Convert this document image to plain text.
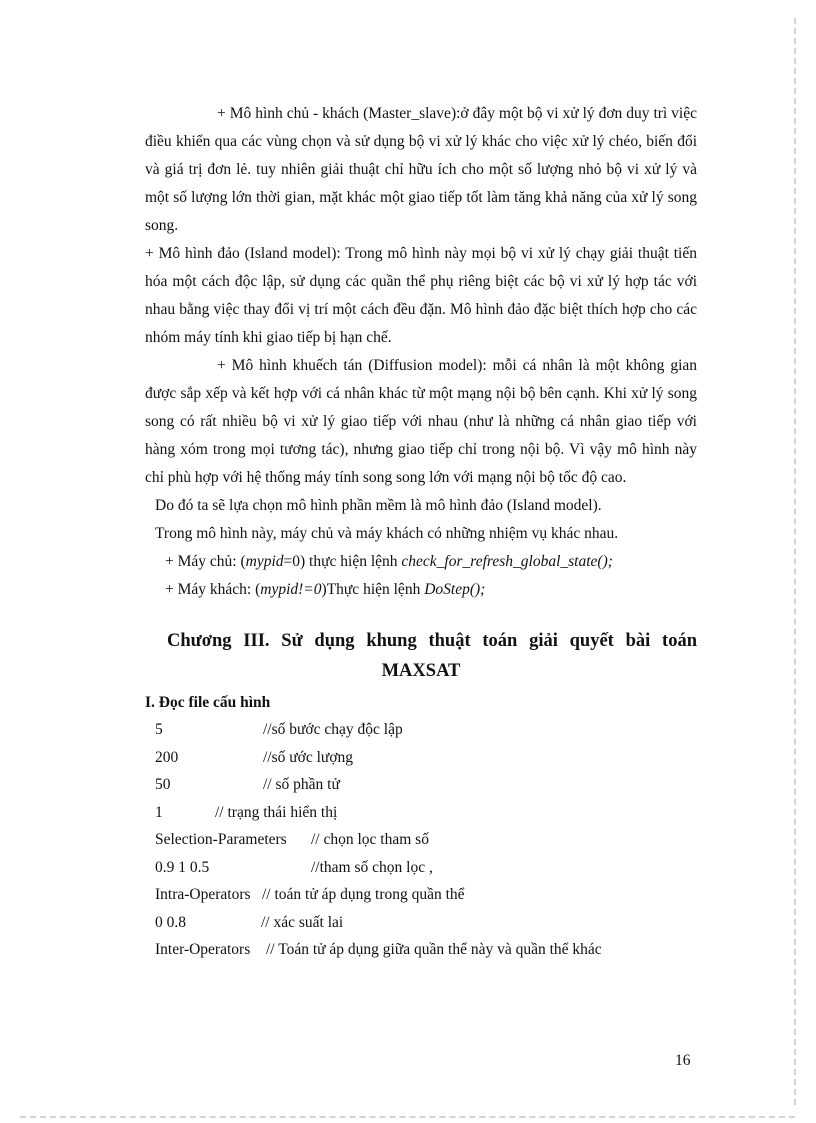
+ Mô hình chủ - khách (Master_slave):ở đây một bộ vi xử lý đơn duy trì việc điều khiển qua các vùng chọn và sử dụng bộ vi xử lý khác cho việc xử lý chéo, biến đổi và giá trị đơn lẻ. tuy nhiên giải thuật chỉ hữu ích cho một số lượng nhỏ bộ vi xử lý và một số lượng lớn thời gian, mặt khác một giao tiếp tốt làm tăng khả năng của xử lý song song.

+ Mô hình đảo (Island model): Trong mô hình này mọi bộ vi xử lý chạy giải thuật tiến hóa một cách độc lập, sử dụng các quần thể phụ riêng biệt các bộ vi xử lý hợp tác với nhau bằng việc thay đổi vị trí một cách đều đặn. Mô hình đảo đặc biệt thích hợp cho các nhóm máy tính khi giao tiếp bị hạn chế.

+ Mô hình khuếch tán (Diffusion model): mỗi cá nhân là một không gian được sắp xếp và kết hợp với cá nhân khác từ một mạng nội bộ bên cạnh. Khi xử lý song song có rất nhiều bộ vi xử lý giao tiếp với nhau (như là những cá nhân giao tiếp với hàng xóm trong mọi tương tác), nhưng giao tiếp chỉ trong nội bộ. Vì vậy mô hình này chỉ phù hợp với hệ thống máy tính song song lớn với mạng nội bộ tốc độ cao.

Do đó ta sẽ lựa chọn mô hình phần mềm là mô hình đảo (Island model).

Trong mô hình này, máy chủ và máy khách có những nhiệm vụ khác nhau.

+ Máy chủ: (mypid=0) thực hiện lệnh check_for_refresh_global_state();

+ Máy khách: (mypid!=0)Thực hiện lệnh DoStep();

Chương III. Sử dụng khung thuật toán giải quyết bài toán
MAXSAT

I. Đọc file cấu hình

5	//số bước chạy độc lập
200	//số ước lượng
50	// số phần tử
1	// trạng thái hiển thị
Selection-Parameters // chọn lọc tham số
0.9 1 0.5	//tham số chọn lọc ,
Intra-Operators // toán tử áp dụng trong quần thể
0 0.8	// xác suất lai
Inter-Operators // Toán tử áp dụng giữa quần thể này và quần thể khác
16
